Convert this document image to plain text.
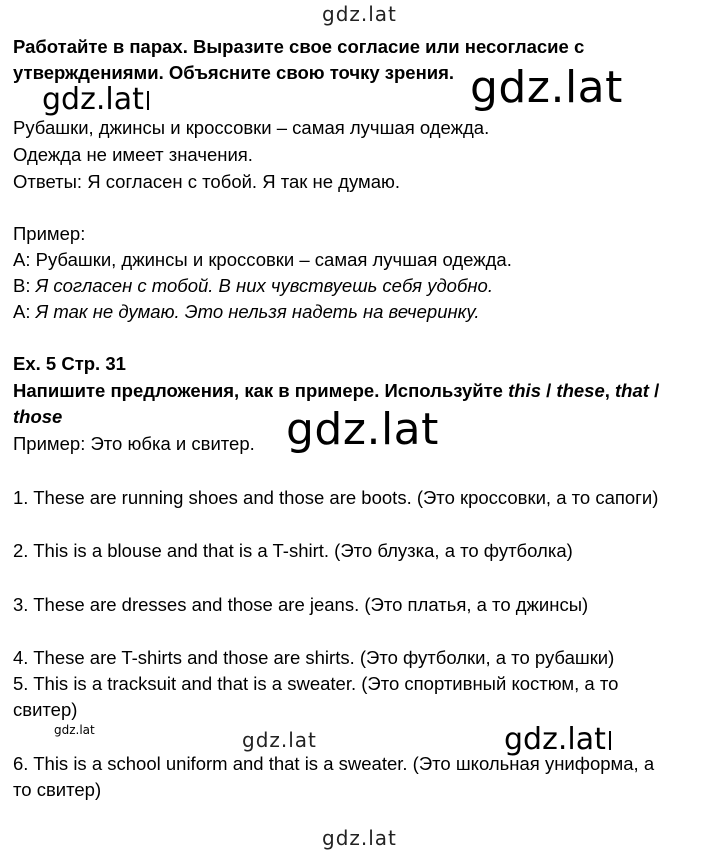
gdz.lat
gdz.lat
gdz.lat
gdz.lat
gdz.lat	gdz.lat	gdz.lat
gdz.lat
Работайте в парах. Выразите свое согласие или несогласие с
утверждениями. Объясните свою точку зрения.
Рубашки, джинсы и кроссовки – самая лучшая одежда.
Одежда не имеет значения.
Ответы: Я согласен с тобой. Я так не думаю.
Пример:
А: Рубашки, джинсы и кроссовки – самая лучшая одежда.
В: Я согласен с тобой. В них чувствуешь себя удобно.
А: Я так не думаю. Это нельзя надеть на вечеринку.
Ex. 5 Стр. 31
Напишите предложения, как в примере. Используйте this / these, that /
those
Пример: Это юбка и свитер.
1. These are running shoes and those are boots. (Это кроссовки, а то сапоги)
2. This is a blouse and that is a T-shirt. (Это блузка, а то футболка)
3. These are dresses and those are jeans. (Это платья, а то джинсы)
4. These are T-shirts and those are shirts. (Это футболки, а то рубашки)
5. This is a tracksuit and that is a sweater. (Это спортивный костюм, а то
свитер)
6. This is a school uniform and that is a sweater. (Это школьная униформа, а
то свитер)
